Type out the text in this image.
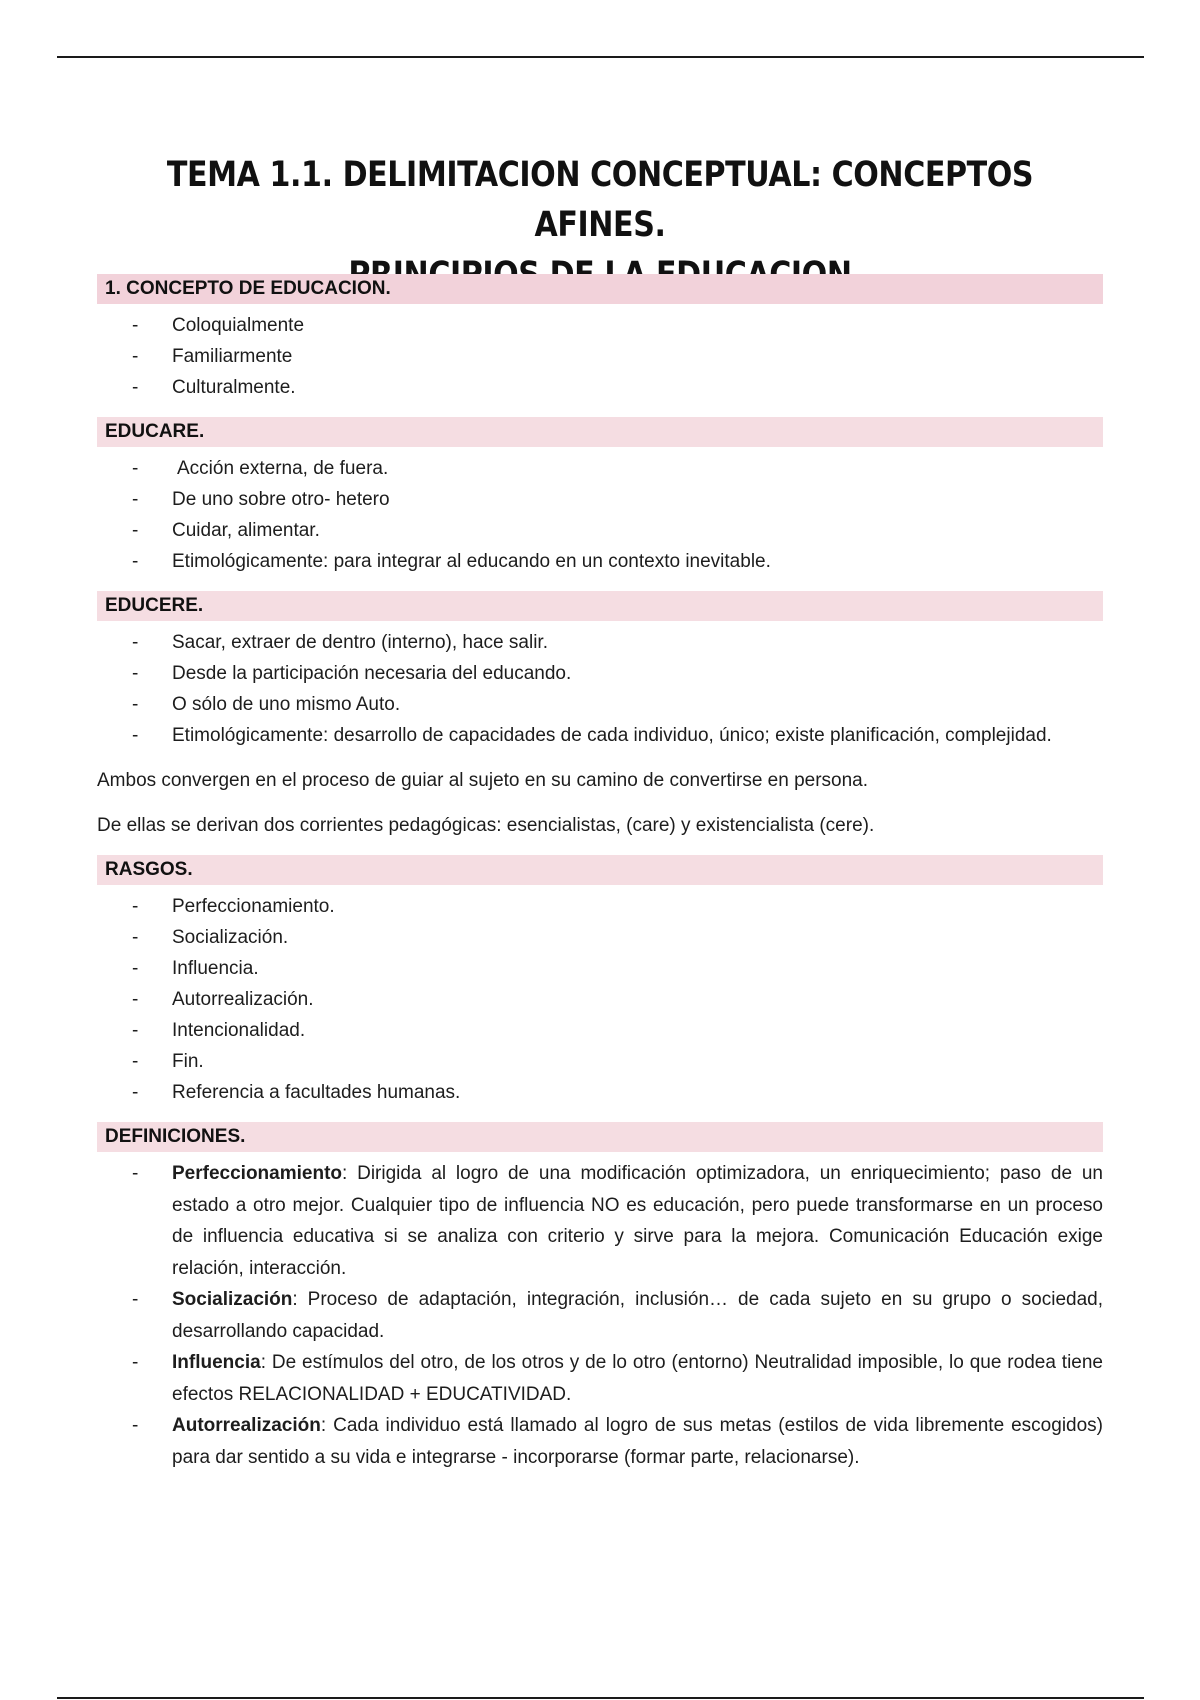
TEMA 1.1. DELIMITACION CONCEPTUAL: CONCEPTOS AFINES.
1. CONCEPTO DE EDUCACION.
- Coloquialmente
- Familiarmente
- Culturalmente.
EDUCARE.
- Acción externa, de fuera.
- De uno sobre otro- hetero
- Cuidar, alimentar.
- Etimológicamente: para integrar al educando en un contexto inevitable.
EDUCERE.
- Sacar, extraer de dentro (interno), hace salir.
- Desde la participación necesaria del educando.
- O sólo de uno mismo Auto.
- Etimológicamente: desarrollo de capacidades de cada individuo, único; existe planificación, complejidad.

Ambos convergen en el proceso de guiar al sujeto en su camino de convertirse en persona.

De ellas se derivan dos corrientes pedagógicas: esencialistas, (care) y existencialista (cere).

RASGOS.
- Perfeccionamiento.
- Socialización.
- Influencia.
- Autorrealización.
- Intencionalidad.
- Fin.
- Referencia a facultades humanas.
DEFINICIONES.
- Perfeccionamiento: Dirigida al logro de una modificación optimizadora, un enriquecimiento; paso de un estado a otro mejor. Cualquier tipo de influencia NO es educación, pero puede transformarse en un proceso de influencia educativa si se analiza con criterio y sirve para la mejora. Comunicación Educación exige relación, interacción.
- Socialización: Proceso de adaptación, integración, inclusión… de cada sujeto en su grupo o sociedad, desarrollando capacidad.
- Influencia: De estímulos del otro, de los otros y de lo otro (entorno) Neutralidad imposible, lo que rodea tiene efectos RELACIONALIDAD + EDUCATIVIDAD.
- Autorrealización: Cada individuo está llamado al logro de sus metas (estilos de vida libremente escogidos) para dar sentido a su vida e integrarse - incorporarse (formar parte, relacionarse).
